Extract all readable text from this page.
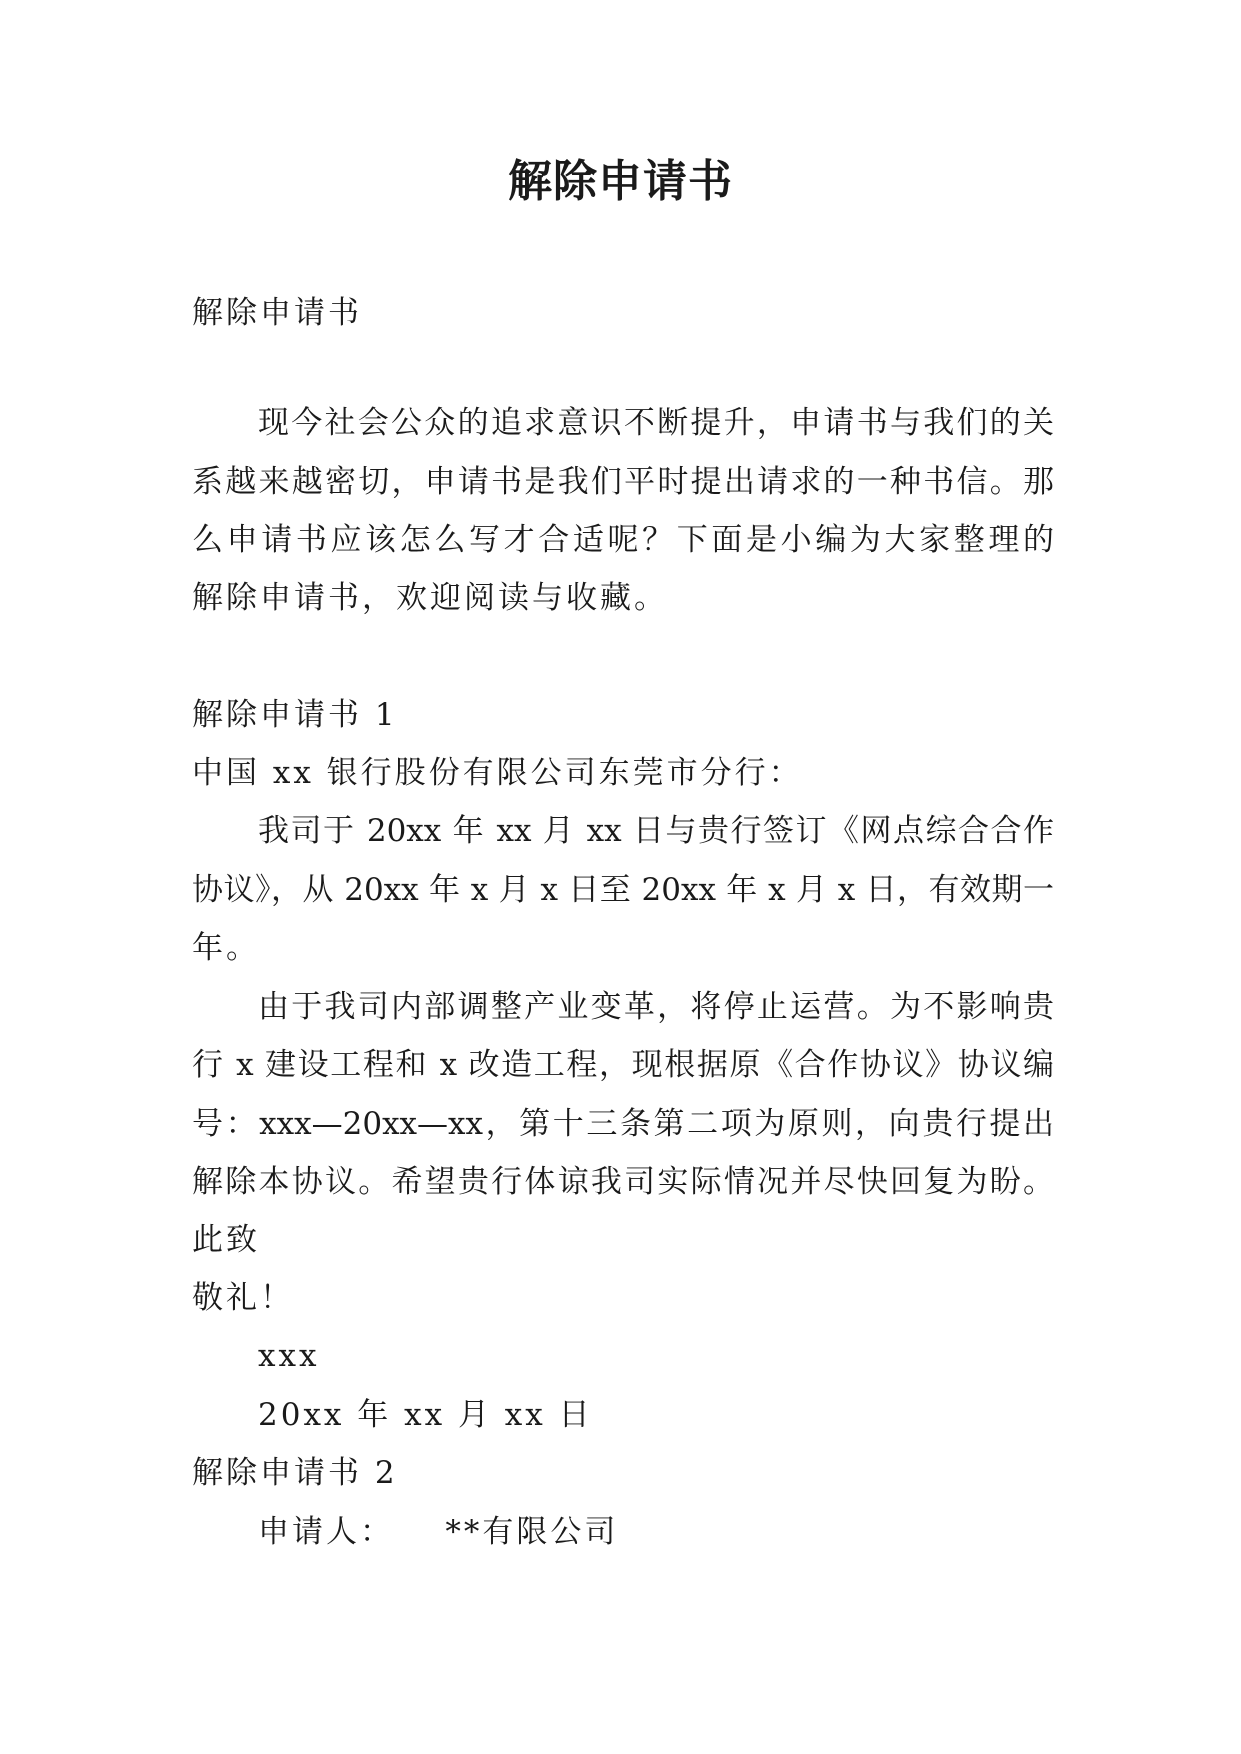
解除申请书
解除申请书
现今社会公众的追求意识不断提升，申请书与我们的关
系越来越密切，申请书是我们平时提出请求的一种书信。那
么申请书应该怎么写才合适呢？下面是小编为大家整理的
解除申请书，欢迎阅读与收藏。
解除申请书 1
中国 xx 银行股份有限公司东莞市分行：
我司于 20xx 年 xx 月 xx 日与贵行签订《网点综合合作
协议》，从 20xx 年 x 月 x 日至 20xx 年 x 月 x 日，有效期一
年。
由于我司内部调整产业变革，将停止运营。为不影响贵
行 x 建设工程和 x 改造工程，现根据原《合作协议》协议编
号：xxx—20xx—xx，第十三条第二项为原则，向贵行提出
解除本协议。希望贵行体谅我司实际情况并尽快回复为盼。
此致
敬礼！
xxx
20xx 年 xx 月 xx 日
解除申请书 2
申请人：    **有限公司
